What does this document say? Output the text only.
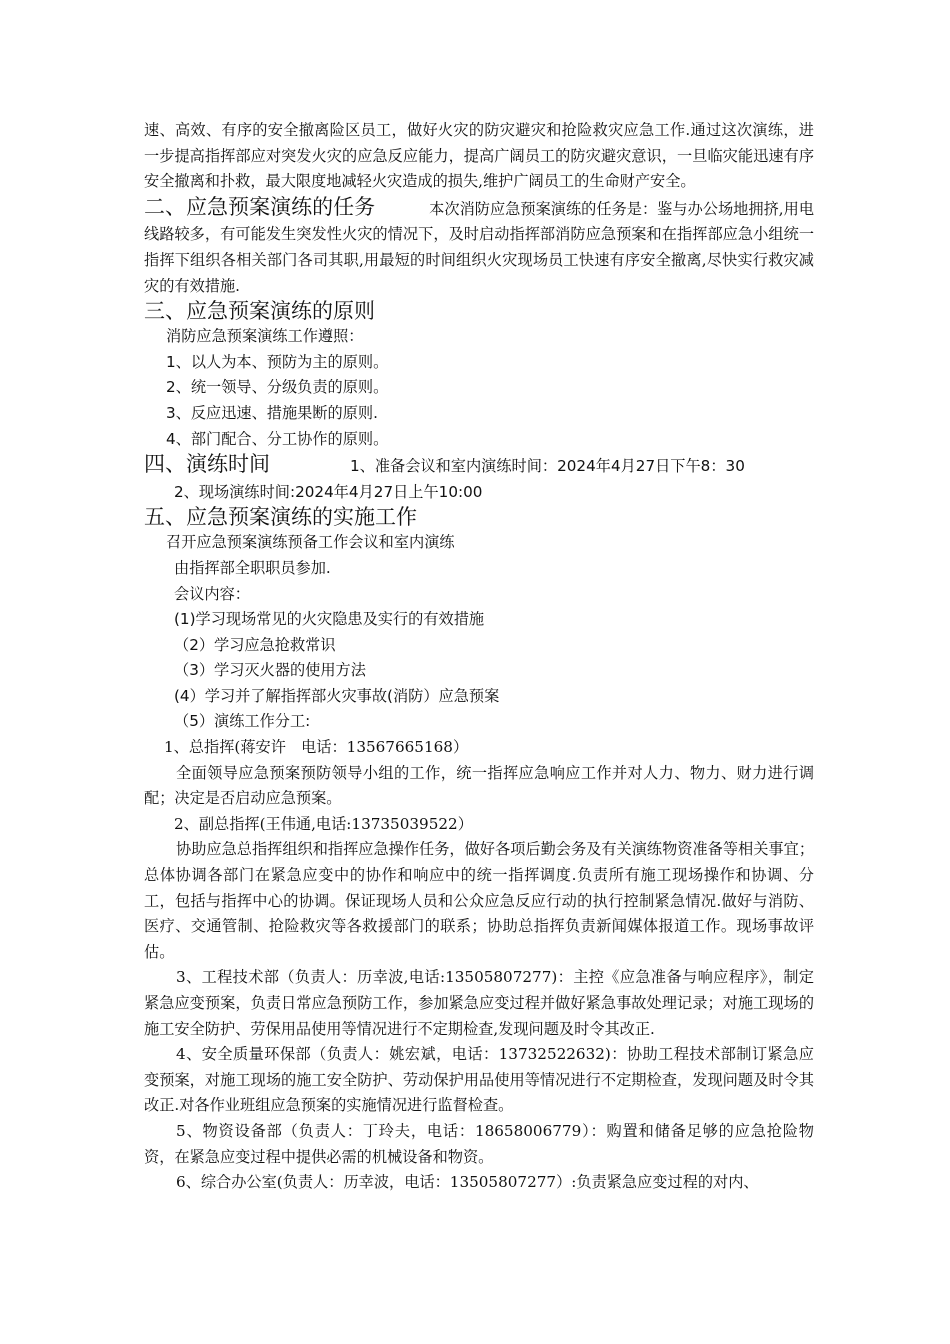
速、高效、有序的安全撤离险区员工，做好火灾的防灾避灾和抢险救灾应急工作.通过这次演练，进一步提高指挥部应对突发火灾的应急反应能力，提高广阔员工的防灾避灾意识，一旦临灾能迅速有序安全撤离和扑救，最大限度地减轻火灾造成的损失,维护广阔员工的生命财产安全。

二、应急预案演练的任务	本次消防应急预案演练的任务是：鉴与办公场地拥挤,用电线路较多，有可能发生突发性火灾的情况下，及时启动指挥部消防应急预案和在指挥部应急小组统一指挥下组织各相关部门各司其职,用最短的时间组织火灾现场员工快速有序安全撤离,尽快实行救灾减灾的有效措施.

三、应急预案演练的原则

消防应急预案演练工作遵照：

1、以人为本、预防为主的原则。

2、统一领导、分级负责的原则。

3、反应迅速、措施果断的原则.

4、部门配合、分工协作的原则。

四、演练时间	1、准备会议和室内演练时间：2024年4月27日下午8：30

2、现场演练时间:2024年4月27日上午10:00

五、应急预案演练的实施工作

召开应急预案演练预备工作会议和室内演练

由指挥部全职职员参加.

会议内容：

(1)学习现场常见的火灾隐患及实行的有效措施

（2）学习应急抢救常识

（3）学习灭火器的使用方法

(4）学习并了解指挥部火灾事故(消防）应急预案

（5）演练工作分工:

1、总指挥(蒋安许　电话：13567665168）

全面领导应急预案预防领导小组的工作，统一指挥应急响应工作并对人力、物力、财力进行调配；决定是否启动应急预案。

2、副总指挥(王伟通,电话:13735039522）

协助应急总指挥组织和指挥应急操作任务，做好各项后勤会务及有关演练物资准备等相关事宜；总体协调各部门在紧急应变中的协作和响应中的统一指挥调度.负责所有施工现场操作和协调、分工，包括与指挥中心的协调。保证现场人员和公众应急反应行动的执行控制紧急情况.做好与消防、医疗、交通管制、抢险救灾等各救援部门的联系；协助总指挥负责新闻媒体报道工作。现场事故评估。

3、工程技术部（负责人：历幸波,电话:13505807277)：主控《应急准备与响应程序》，制定紧急应变预案，负责日常应急预防工作，参加紧急应变过程并做好紧急事故处理记录；对施工现场的施工安全防护、劳保用品使用等情况进行不定期检查,发现问题及时令其改正.

4、安全质量环保部（负责人：姚宏斌，电话：13732522632)：协助工程技术部制订紧急应变预案，对施工现场的施工安全防护、劳动保护用品使用等情况进行不定期检查，发现问题及时令其改正.对各作业班组应急预案的实施情况进行监督检查。

5、物资设备部（负责人：丁玲夫，电话：18658006779）：购置和储备足够的应急抢险物资，在紧急应变过程中提供必需的机械设备和物资。

6、综合办公室(负责人：历幸波，电话：13505807277）:负责紧急应变过程的对内、
